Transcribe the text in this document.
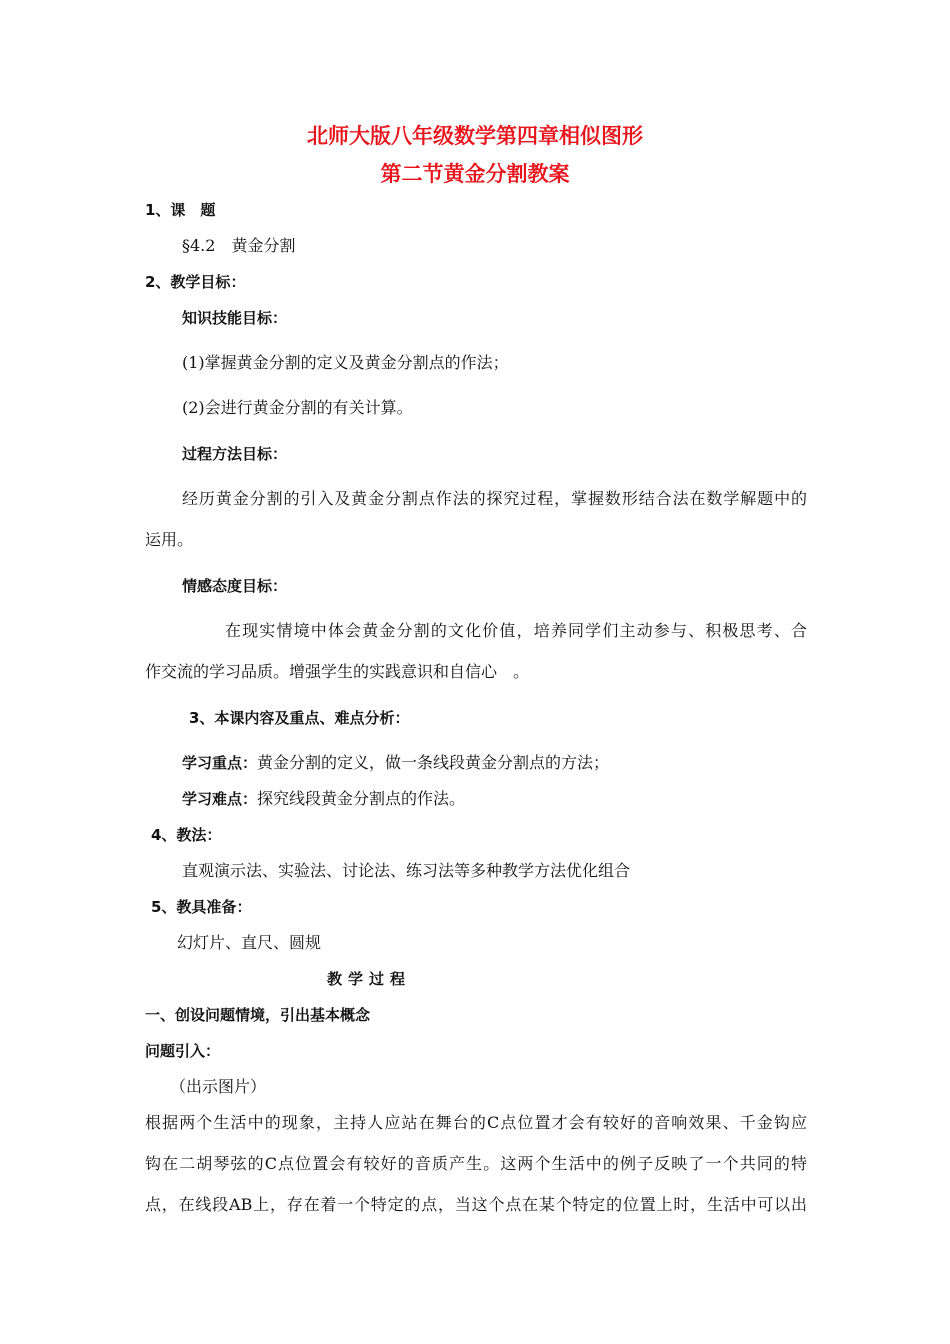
北师大版八年级数学第四章相似图形
第二节黄金分割教案
1、课　题
§4.2　黄金分割
2、教学目标：
知识技能目标：
(1)掌握黄金分割的定义及黄金分割点的作法；
(2)会进行黄金分割的有关计算。
过程方法目标：
经历黄金分割的引入及黄金分割点作法的探究过程，掌握数形结合法在数学解题中的
运用。
情感态度目标：
在现实情境中体会黄金分割的文化价值，培养同学们主动参与、积极思考、合
作交流的学习品质。增强学生的实践意识和自信心　。
3、本课内容及重点、难点分析：
学习重点：黄金分割的定义，做一条线段黄金分割点的方法；
学习难点：探究线段黄金分割点的作法。
4、教法：
直观演示法、实验法、讨论法、练习法等多种教学方法优化组合
5、教具准备：
幻灯片、直尺、圆规
教学过程
一、创设问题情境，引出基本概念
问题引入：
（出示图片）
根据两个生活中的现象，主持人应站在舞台的C点位置才会有较好的音响效果、千金钩应
钩在二胡琴弦的C点位置会有较好的音质产生。这两个生活中的例子反映了一个共同的特
点，在线段AB上，存在着一个特定的点，当这个点在某个特定的位置上时，生活中可以出
